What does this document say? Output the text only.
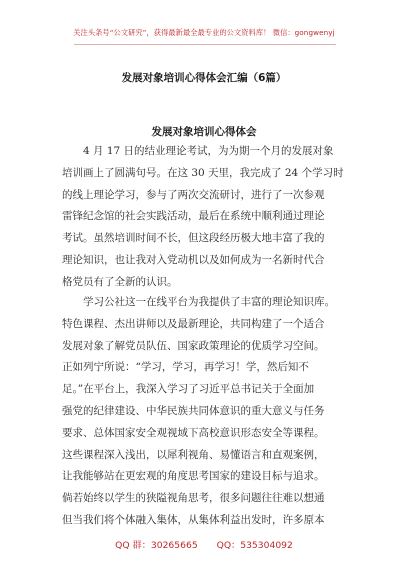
关注头条号“公文研究”，获得最新最全最专业的公文资料库！ 微信：gongwenyj
发展对象培训心得体会汇编（6篇）
发展对象培训心得体会
4 月 17 日的结业理论考试，为为期一个月的发展对象
培训画上了圆满句号。在这 30 天里，我完成了 24 个学习时
的线上理论学习，参与了两次交流研讨，进行了一次参观
雷锋纪念馆的社会实践活动，最后在系统中顺利通过理论
考试。虽然培训时间不长，但这段经历极大地丰富了我的
理论知识，也让我对入党动机以及如何成为一名新时代合
格党员有了全新的认识。
学习公社这一在线平台为我提供了丰富的理论知识库。
特色课程、杰出讲师以及最新理论，共同构建了一个适合
发展对象了解党员队伍、国家政策理论的优质学习空间。
正如列宁所说：“学习，学习，再学习！学，然后知不
足。”在平台上，我深入学习了习近平总书记关于全面加
强党的纪律建设、中华民族共同体意识的重大意义与任务
要求、总体国家安全观视域下高校意识形态安全等课程。
这些课程深入浅出，以犀利视角、易懂语言和直观案例，
让我能够站在更宏观的角度思考国家的建设目标与追求。
倘若始终以学生的狭隘视角思考，很多问题往往难以想通
但当我们将个体融入集体，从集体利益出发时，许多原本
QQ 群：30265665 QQ：535304092
